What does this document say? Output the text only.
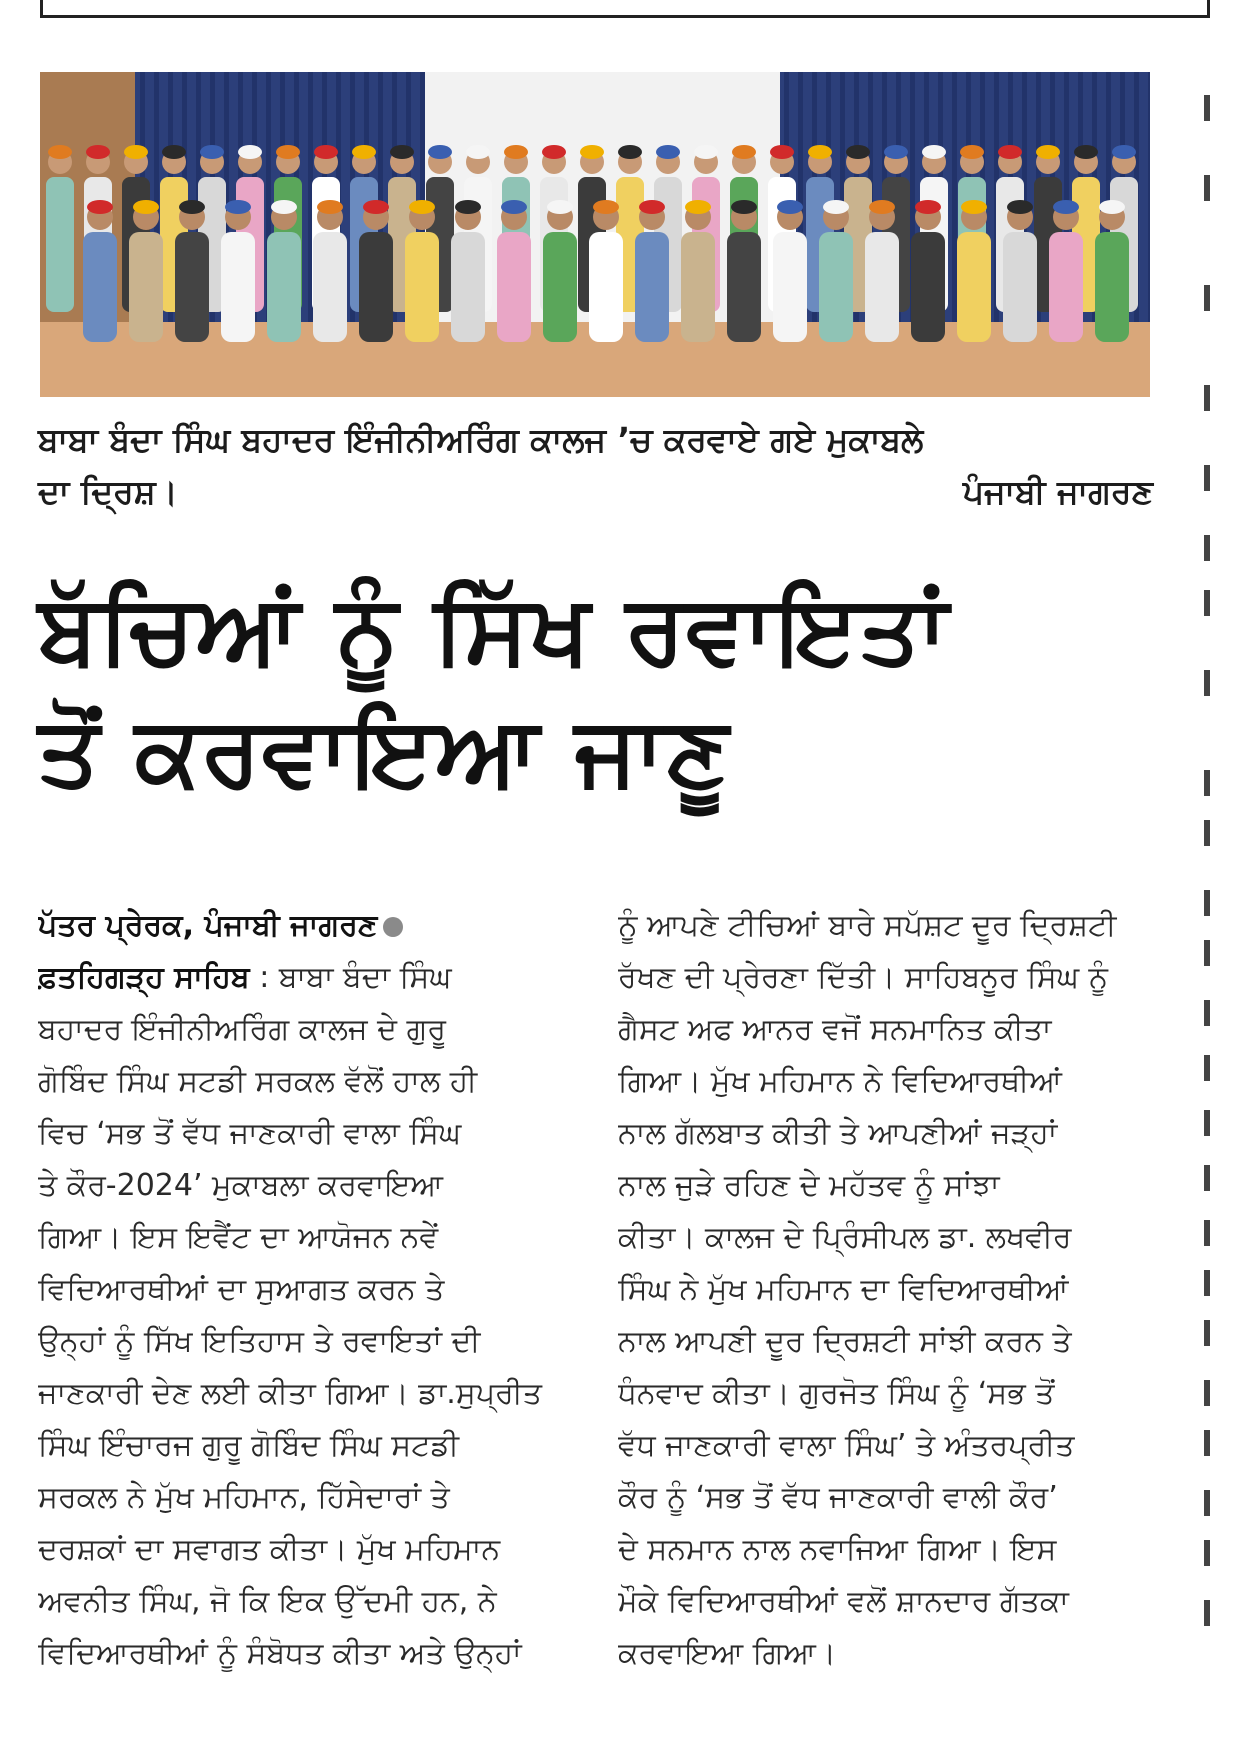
ਬਾਬਾ ਬੰਦਾ ਸਿੰਘ ਬਹਾਦਰ ਇੰਜੀਨੀਅਰਿੰਗ ਕਾਲਜ ’ਚ ਕਰਵਾਏ ਗਏ ਮੁਕਾਬਲੇ
ਦਾ ਦ੍ਰਿਸ਼।	ਪੰਜਾਬੀ ਜਾਗਰਣ
ਬੱਚਿਆਂ ਨੂੰ ਸਿੱਖ ਰਵਾਇਤਾਂ
ਤੋਂ ਕਰਵਾਇਆ ਜਾਣੂ
ਪੱਤਰ ਪ੍ਰੇਰਕ, ਪੰਜਾਬੀ ਜਾਗਰਣ
ਫ਼ਤਹਿਗੜ੍ਹ ਸਾਹਿਬ : ਬਾਬਾ ਬੰਦਾ ਸਿੰਘ
ਬਹਾਦਰ ਇੰਜੀਨੀਅਰਿੰਗ ਕਾਲਜ ਦੇ ਗੁਰੂ
ਗੋਬਿੰਦ ਸਿੰਘ ਸਟਡੀ ਸਰਕਲ ਵੱਲੋਂ ਹਾਲ ਹੀ
ਵਿਚ ‘ਸਭ ਤੋਂ ਵੱਧ ਜਾਣਕਾਰੀ ਵਾਲਾ ਸਿੰਘ
ਤੇ ਕੌਰ-2024’ ਮੁਕਾਬਲਾ ਕਰਵਾਇਆ
ਗਿਆ। ਇਸ ਇਵੈਂਟ ਦਾ ਆਯੋਜਨ ਨਵੇਂ
ਵਿਦਿਆਰਥੀਆਂ ਦਾ ਸੁਆਗਤ ਕਰਨ ਤੇ
ਉਨ੍ਹਾਂ ਨੂੰ ਸਿੱਖ ਇਤਿਹਾਸ ਤੇ ਰਵਾਇਤਾਂ ਦੀ
ਜਾਣਕਾਰੀ ਦੇਣ ਲਈ ਕੀਤਾ ਗਿਆ। ਡਾ.ਸੁਪ੍ਰੀਤ
ਸਿੰਘ ਇੰਚਾਰਜ ਗੁਰੂ ਗੋਬਿੰਦ ਸਿੰਘ ਸਟਡੀ
ਸਰਕਲ ਨੇ ਮੁੱਖ ਮਹਿਮਾਨ, ਹਿੱਸੇਦਾਰਾਂ ਤੇ
ਦਰਸ਼ਕਾਂ ਦਾ ਸਵਾਗਤ ਕੀਤਾ। ਮੁੱਖ ਮਹਿਮਾਨ
ਅਵਨੀਤ ਸਿੰਘ, ਜੋ ਕਿ ਇਕ ਉੱਦਮੀ ਹਨ, ਨੇ
ਵਿਦਿਆਰਥੀਆਂ ਨੂੰ ਸੰਬੋਧਤ ਕੀਤਾ ਅਤੇ ਉਨ੍ਹਾਂ
ਨੂੰ ਆਪਣੇ ਟੀਚਿਆਂ ਬਾਰੇ ਸਪੱਸ਼ਟ ਦੂਰ ਦ੍ਰਿਸ਼ਟੀ
ਰੱਖਣ ਦੀ ਪ੍ਰੇਰਣਾ ਦਿੱਤੀ। ਸਾਹਿਬਨੂਰ ਸਿੰਘ ਨੂੰ
ਗੈਸਟ ਅਫ ਆਨਰ ਵਜੋਂ ਸਨਮਾਨਿਤ ਕੀਤਾ
ਗਿਆ। ਮੁੱਖ ਮਹਿਮਾਨ ਨੇ ਵਿਦਿਆਰਥੀਆਂ
ਨਾਲ ਗੱਲਬਾਤ ਕੀਤੀ ਤੇ ਆਪਣੀਆਂ ਜੜ੍ਹਾਂ
ਨਾਲ ਜੁੜੇ ਰਹਿਣ ਦੇ ਮਹੱਤਵ ਨੂੰ ਸਾਂਝਾ
ਕੀਤਾ। ਕਾਲਜ ਦੇ ਪ੍ਰਿੰਸੀਪਲ ਡਾ. ਲਖਵੀਰ
ਸਿੰਘ ਨੇ ਮੁੱਖ ਮਹਿਮਾਨ ਦਾ ਵਿਦਿਆਰਥੀਆਂ
ਨਾਲ ਆਪਣੀ ਦੂਰ ਦ੍ਰਿਸ਼ਟੀ ਸਾਂਝੀ ਕਰਨ ਤੇ
ਧੰਨਵਾਦ ਕੀਤਾ। ਗੁਰਜੋਤ ਸਿੰਘ ਨੂੰ ‘ਸਭ ਤੋਂ
ਵੱਧ ਜਾਣਕਾਰੀ ਵਾਲਾ ਸਿੰਘ’ ਤੇ ਅੰਤਰਪ੍ਰੀਤ
ਕੌਰ ਨੂੰ ‘ਸਭ ਤੋਂ ਵੱਧ ਜਾਣਕਾਰੀ ਵਾਲੀ ਕੌਰ’
ਦੇ ਸਨਮਾਨ ਨਾਲ ਨਵਾਜਿਆ ਗਿਆ। ਇਸ
ਮੌਕੇ ਵਿਦਿਆਰਥੀਆਂ ਵਲੋਂ ਸ਼ਾਨਦਾਰ ਗੱਤਕਾ
ਕਰਵਾਇਆ ਗਿਆ।
